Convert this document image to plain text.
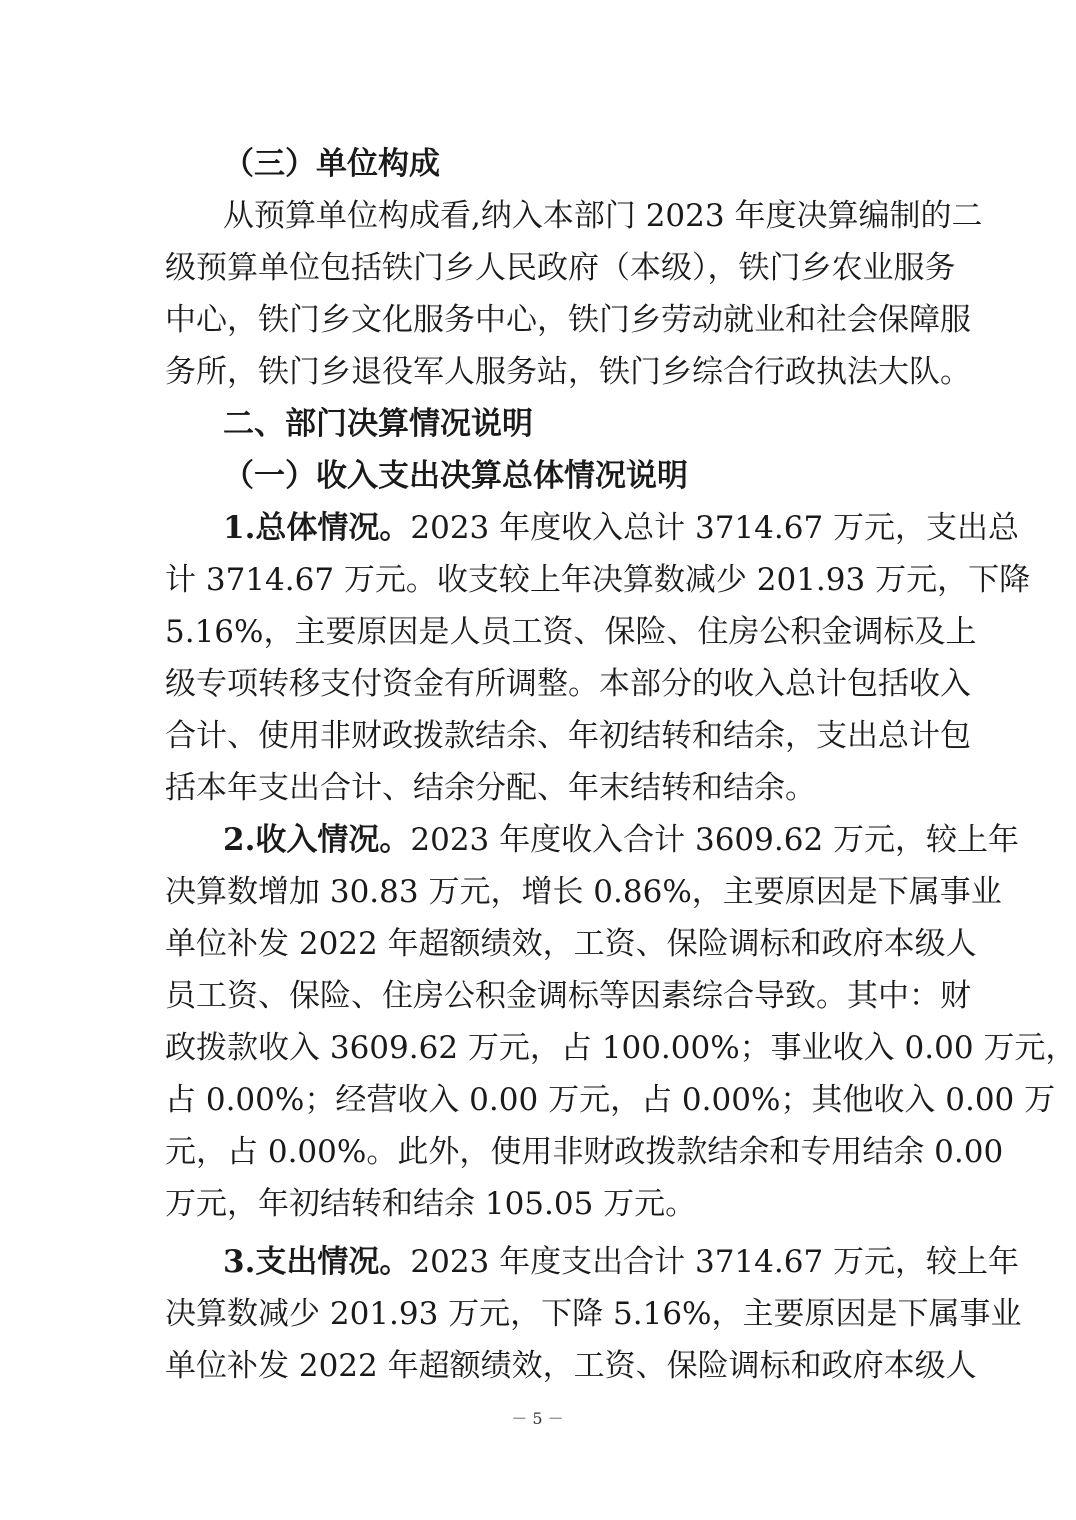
（三）单位构成
从预算单位构成看,纳入本部门 2023 年度决算编制的二
级预算单位包括铁门乡人民政府（本级），铁门乡农业服务
中心，铁门乡文化服务中心，铁门乡劳动就业和社会保障服
务所，铁门乡退役军人服务站，铁门乡综合行政执法大队。
二、部门决算情况说明
（一）收入支出决算总体情况说明
1.总体情况。2023 年度收入总计 3714.67 万元，支出总
计 3714.67 万元。收支较上年决算数减少 201.93 万元，下降
5.16%，主要原因是人员工资、保险、住房公积金调标及上
级专项转移支付资金有所调整。本部分的收入总计包括收入
合计、使用非财政拨款结余、年初结转和结余，支出总计包
括本年支出合计、结余分配、年末结转和结余。
2.收入情况。2023 年度收入合计 3609.62 万元，较上年
决算数增加 30.83 万元，增长 0.86%，主要原因是下属事业
单位补发 2022 年超额绩效，工资、保险调标和政府本级人
员工资、保险、住房公积金调标等因素综合导致。其中：财
政拨款收入 3609.62 万元，占 100.00%；事业收入 0.00 万元，
占 0.00%；经营收入 0.00 万元，占 0.00%；其他收入 0.00 万
元，占 0.00%。此外，使用非财政拨款结余和专用结余 0.00
万元，年初结转和结余 105.05 万元。
3.支出情况。2023 年度支出合计 3714.67 万元，较上年
决算数减少 201.93 万元，下降 5.16%，主要原因是下属事业
单位补发 2022 年超额绩效，工资、保险调标和政府本级人
－ 5 －
